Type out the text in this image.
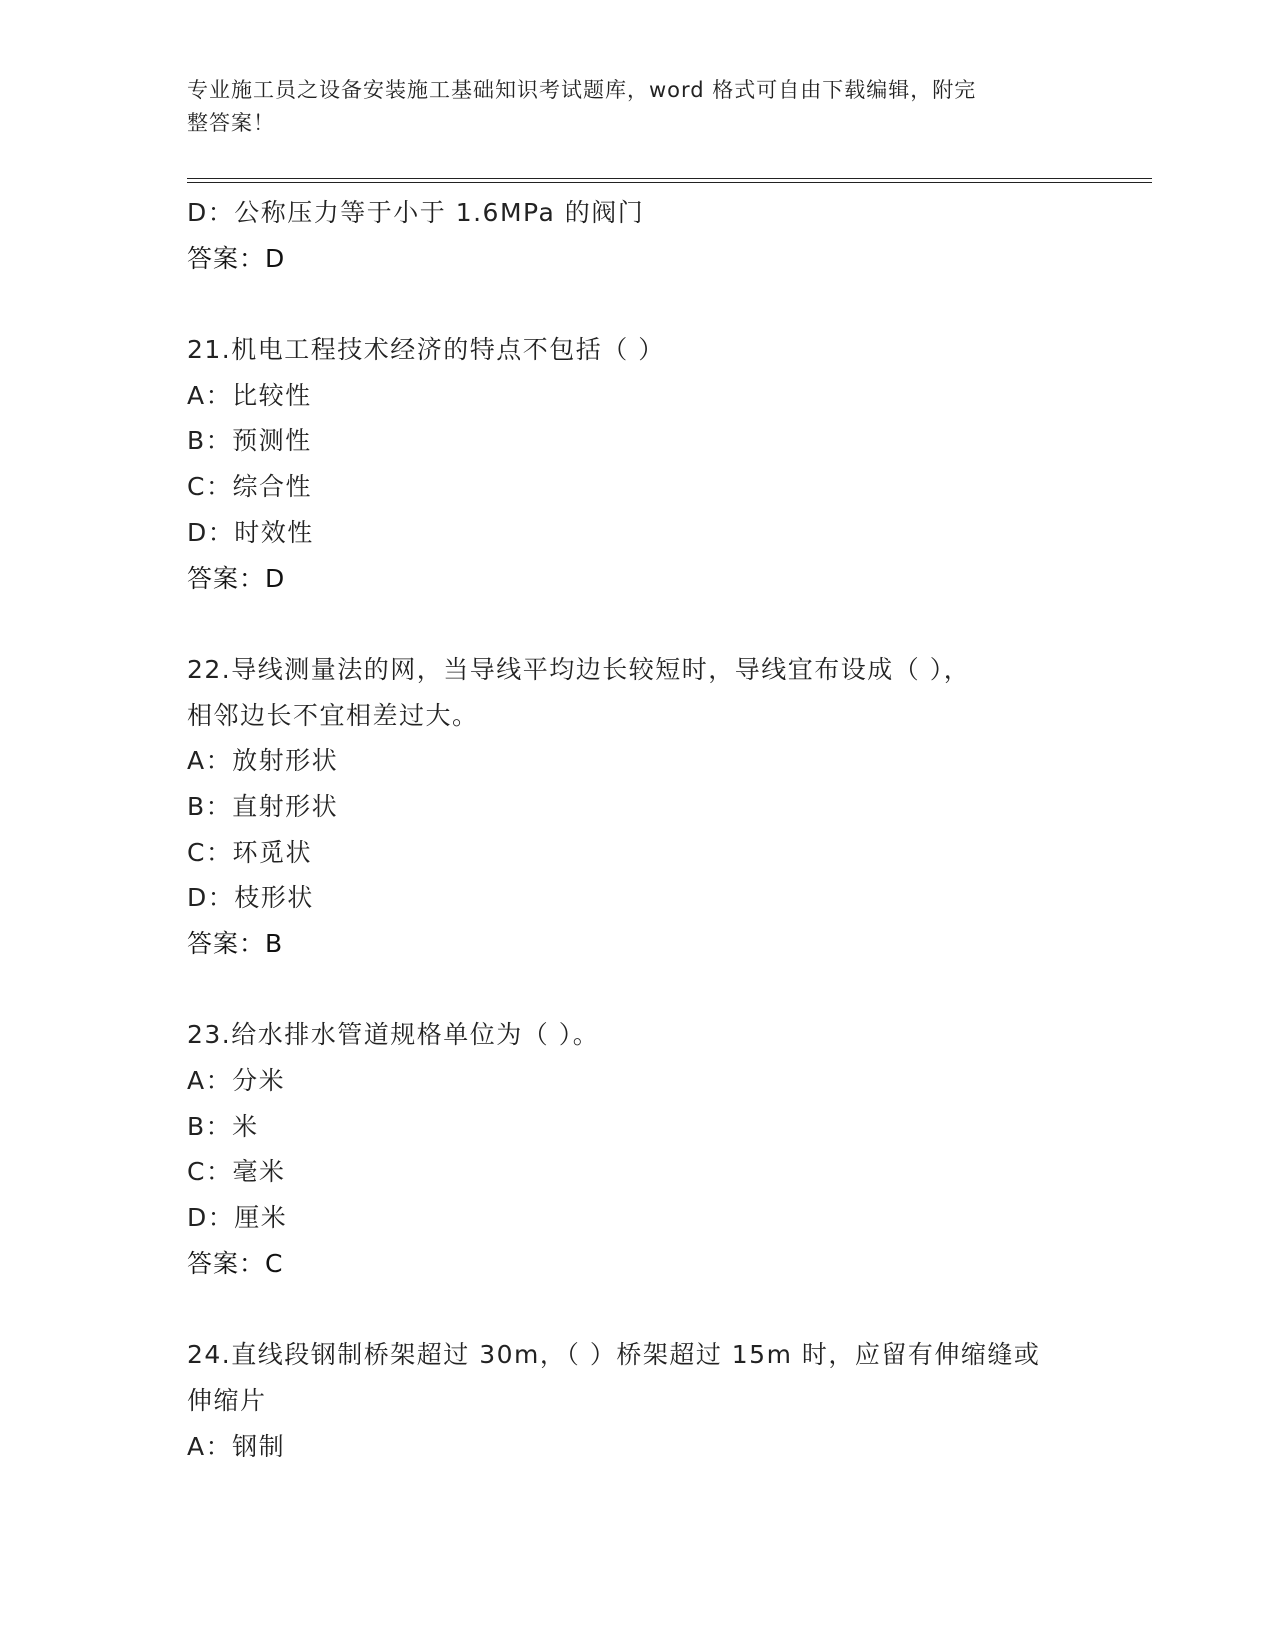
专业施工员之设备安装施工基础知识考试题库，word 格式可自由下载编辑，附完
整答案！
D：公称压力等于小于 1.6MPa 的阀门
答案：D
21.机电工程技术经济的特点不包括（ ）
A：比较性
B：预测性
C：综合性
D：时效性
答案：D
22.导线测量法的网，当导线平均边长较短时，导线宜布设成（ ），
相邻边长不宜相差过大。
A：放射形状
B：直射形状
C：环觅状
D：枝形状
答案：B
23.给水排水管道规格单位为（ ）。
A：分米
B：米
C：毫米
D：厘米
答案：C
24.直线段钢制桥架超过 30m，（ ）桥架超过 15m 时，应留有伸缩缝或
伸缩片
A：钢制
